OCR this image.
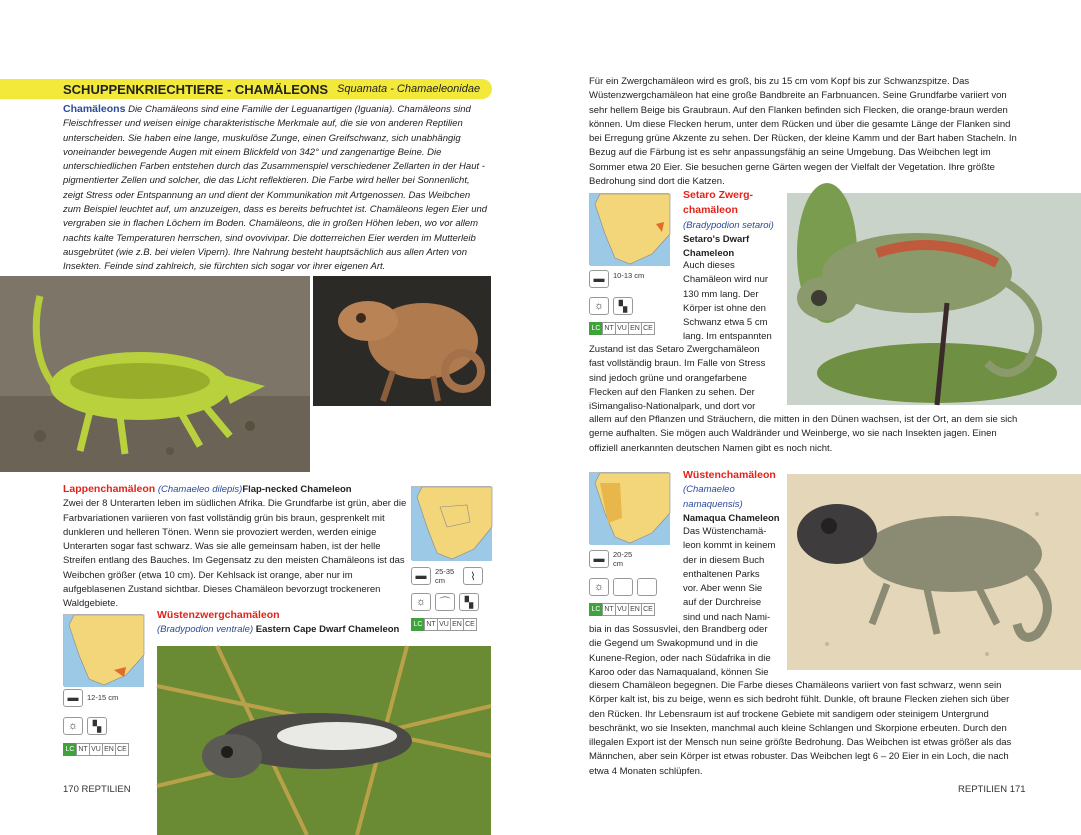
SCHUPPENKRIECHTIERE - CHAMÄLEONS Squamata - Chamaeleonidae
Chamäleons Die Chamäleons sind eine Familie der Leguanartigen (Iguania). Chamäleons sind Fleischfresser und weisen einige charakteristische Merkmale auf, die sie von anderen Reptilien unterscheiden. Sie haben eine lange, muskulöse Zunge, einen Greifschwanz, sich unabhängig voneinander bewegende Augen mit einem Blickfeld von 342° und zangenartige Beine. Die unterschiedlichen Farben entstehen durch das Zusammenspiel verschiedener Zellarten in der Haut - pigmentierter Zellen und solcher, die das Licht reflektieren. Die Farbe wird heller bei Sonnenlicht, zeigt Stress oder Entspannung an und dient der Kommunikation mit Artgenossen. Das Weibchen zum Beispiel leuchtet auf, um anzuzeigen, dass es bereits befruchtet ist. Chamäleons legen Eier und vergraben sie in flachen Löchern im Boden. Chamäleons, die in großen Höhen leben, wo vor allem nachts kalte Temperaturen herrschen, sind ovovivipar. Die dotterreichen Eier werden im Mutterleib ausgebrütet (wie z.B. bei vielen Vipern). Ihre Nahrung besteht hauptsächlich aus allen Arten von Insekten. Feinde sind zahlreich, sie fürchten sich sogar vor ihrer eigenen Art.
Lappenchamäleon (Chamaeleo dilepis)Flap-necked Chameleon
Zwei der 8 Unterarten leben im südlichen Afrika. Die Grundfarbe ist grün, aber die Farbvariationen variieren von fast vollständig grün bis braun, gesprenkelt mit dunkleren und helleren Tönen. Wenn sie provoziert werden, werden einige Unterarten sogar fast schwarz. Was sie alle gemeinsam haben, ist der helle Streifen entlang des Bauches. Im Gegensatz zu den meisten Chamäleons ist das Weibchen größer (etwa 10 cm). Der Kehlsack ist orange, aber nur im aufgeblasenen Zustand sichtbar. Dieses Chamäleon bevorzugt trockeneren Waldgebiete.
▬	25-35 cm	⌇
☼	⌒	▚
LC NT VU EN CE
Wüstenzwergchamäleon
(Bradypodion ventrale) Eastern Cape Dwarf Chameleon
▬	12-15 cm
☼	▚
LC NT VU EN CE
170 REPTILIEN
Für ein Zwergchamäleon wird es groß, bis zu 15 cm vom Kopf bis zur Schwanzspitze. Das Wüstenzwergchamäleon hat eine große Bandbreite an Farbnuancen. Seine Grundfarbe variiert von sehr hellem Beige bis Graubraun. Auf den Flanken befinden sich Flecken, die orange-braun werden können. Um diese Flecken herum, unter dem Rücken und über die gesamte Länge der Flanken sind bei Erregung grüne Akzente zu sehen. Der Rücken, der kleine Kamm und der Bart haben Stacheln. In Bezug auf die Färbung ist es sehr anpassungsfähig an seine Umgebung. Das Weibchen legt im Sommer etwa 20 Eier. Sie besuchen gerne Gärten wegen der Vielfalt der Vegetation. Ihre größte Bedrohung sind dort die Katzen.
Setaro Zwerg-
chamäleon
(Bradypodion setaroi)
Setaro's Dwarf
Chameleon
Auch dieses
Chamäleon wird nur
130 mm lang. Der
Körper ist ohne den
Schwanz etwa 5 cm
lang. Im entspannten
Zustand ist das Setaro Zwergchamäleon
fast vollständig braun. Im Falle von Stress
sind jedoch grüne und orangefarbene
Flecken auf den Flanken zu sehen. Der
iSimangaliso-Nationalpark, und dort vor
allem auf den Pflanzen und Sträuchern, die mitten in den Dünen wachsen, ist der Ort, an dem sie sich gerne aufhalten. Sie mögen auch Waldränder und Weinberge, wo sie nach Insekten jagen. Einen offiziell anerkannten deutschen Namen gibt es noch nicht.
▬	10-13 cm
☼	▚
LC NT VU EN CE
Wüstenchamäleon
(Chamaeleo
namaquensis)
Namaqua Chameleon
Das Wüstenchamä-
leon kommt in keinem
der in diesem Buch
enthaltenen Parks
vor. Aber wenn Sie
auf der Durchreise
sind und nach Nami-
bia in das Sossusvlei, den Brandberg oder
die Gegend um Swakopmund und in die
Kunene-Region, oder nach Südafrika in die
Karoo oder das Namaqualand, können Sie
diesem Chamäleon begegnen. Die Farbe dieses Chamäleons variiert von fast schwarz, wenn sein Körper kalt ist, bis zu beige, wenn es sich bedroht fühlt. Dunkle, oft braune Flecken ziehen sich über den Rücken. Ihr Lebensraum ist auf trockene Gebiete mit sandigem oder steinigem Untergrund beschränkt, wo sie Insekten, manchmal auch kleine Schlangen und Skorpione erbeuten. Durch den illegalen Export ist der Mensch nun seine größte Bedrohung. Das Weibchen ist etwas größer als das Männchen, aber sein Körper ist etwas robuster. Das Weibchen legt 6 – 20 Eier in ein Loch, die nach etwa 4 Monaten schlüpfen.
▬	20-25 cm
☼
LC NT VU EN CE
REPTILIEN 171
